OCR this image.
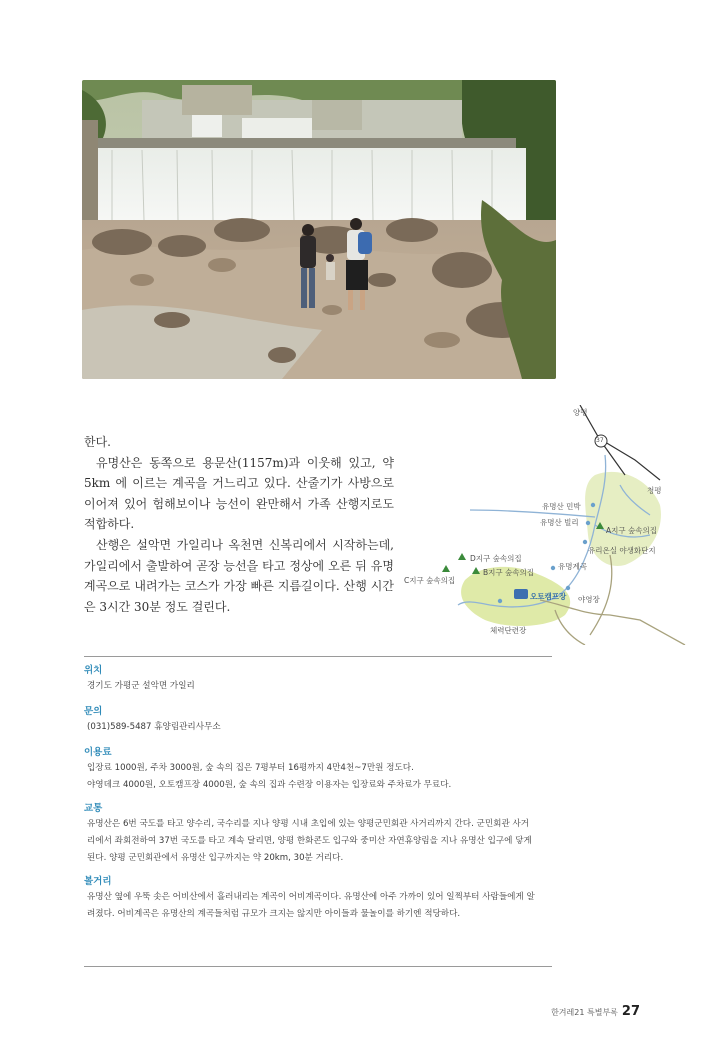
한다.

유명산은 동쪽으로 용문산(1157m)과 이웃해 있고, 약 5km 에 이르는 계곡을 거느리고 있다. 산줄기가 사방으로 이어져 있어 험해보이나 능선이 완만해서 가족 산행지로도 적합하다.

산행은 설악면 가일리나 옥천면 신복리에서 시작하는데, 가일리에서 출발하여 곧장 능선을 타고 정상에 오른 뒤 유명계곡으로 내려가는 코스가 가장 빠른 지름길이다. 산행 시간은 3시간 30분 정도 걸린다.

양평
37
청평
유명산 민박
유명산 빌리
A지구 숲속의집
유리온실 야생화단지
D지구 숲속의집
B지구 숲속의집
C지구 숲속의집
유명계곡
오토캠프장 야영장
체력단련장

위치

경기도 가평군 설악면 가일리

문의

(031)589-5487 휴양림관리사무소

이용료

입장료 1000원, 주차 3000원, 숲 속의 집은 7평부터 16평까지 4만4천~7만원 정도다.

야영데크 4000원, 오토캠프장 4000원, 숲 속의 집과 수련장 이용자는 입장료와 주차료가 무료다.

교통

유명산은 6번 국도를 타고 양수리, 국수리를 지나 양평 시내 초입에 있는 양평군민회관 사거리까지 간다. 군민회관 사거

리에서 좌회전하여 37번 국도를 타고 계속 달리면, 양평 한화콘도 입구와 중미산 자연휴양림을 지나 유명산 입구에 닿게

된다. 양평 군민회관에서 유명산 입구까지는 약 20km, 30분 거리다.

볼거리

유명산 옆에 우뚝 솟은 어비산에서 흘러내리는 계곡이 어비계곡이다. 유명산에 아주 가까이 있어 일찍부터 사람들에게 알

려졌다. 어비계곡은 유명산의 계곡들처럼 규모가 크지는 않지만 아이들과 물놀이를 하기엔 적당하다.

한겨레21 특별부록 27
